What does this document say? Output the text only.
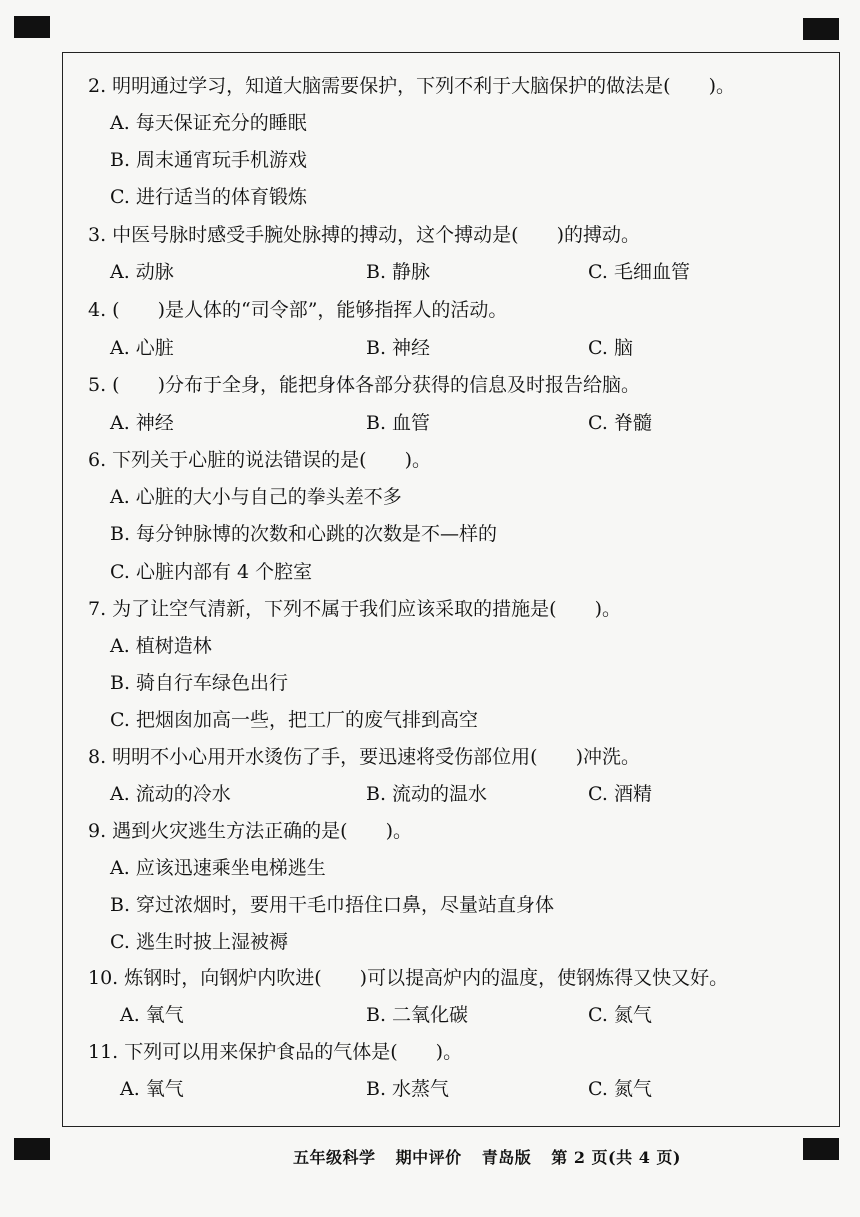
2. 明明通过学习，知道大脑需要保护，下列不利于大脑保护的做法是(　　)。
A. 每天保证充分的睡眠
B. 周末通宵玩手机游戏
C. 进行适当的体育锻炼
3. 中医号脉时感受手腕处脉搏的搏动，这个搏动是(　　)的搏动。
A. 动脉	B. 静脉	C. 毛细血管
4. (　　)是人体的“司令部”，能够指挥人的活动。
A. 心脏	B. 神经	C. 脑
5. (　　)分布于全身，能把身体各部分获得的信息及时报告给脑。
A. 神经	B. 血管	C. 脊髓
6. 下列关于心脏的说法错误的是(　　)。
A. 心脏的大小与自己的拳头差不多
B. 每分钟脉博的次数和心跳的次数是不—样的
C. 心脏内部有 4 个腔室
7. 为了让空气清新，下列不属于我们应该采取的措施是(　　)。
A. 植树造林
B. 骑自行车绿色出行
C. 把烟囱加高一些，把工厂的废气排到高空
8. 明明不小心用开水烫伤了手，要迅速将受伤部位用(　　)冲洗。
A. 流动的冷水	B. 流动的温水	C. 酒精
9. 遇到火灾逃生方法正确的是(　　)。
A. 应该迅速乘坐电梯逃生
B. 穿过浓烟时，要用干毛巾捂住口鼻，尽量站直身体
C. 逃生时披上湿被褥
10. 炼钢时，向钢炉内吹进(　　)可以提高炉内的温度，使钢炼得又快又好。
A. 氧气	B. 二氧化碳	C. 氮气
11. 下列可以用来保护食品的气体是(　　)。
A. 氧气	B. 水蒸气	C. 氮气
五年级科学 期中评价 青岛版 第 2 页(共 4 页)
